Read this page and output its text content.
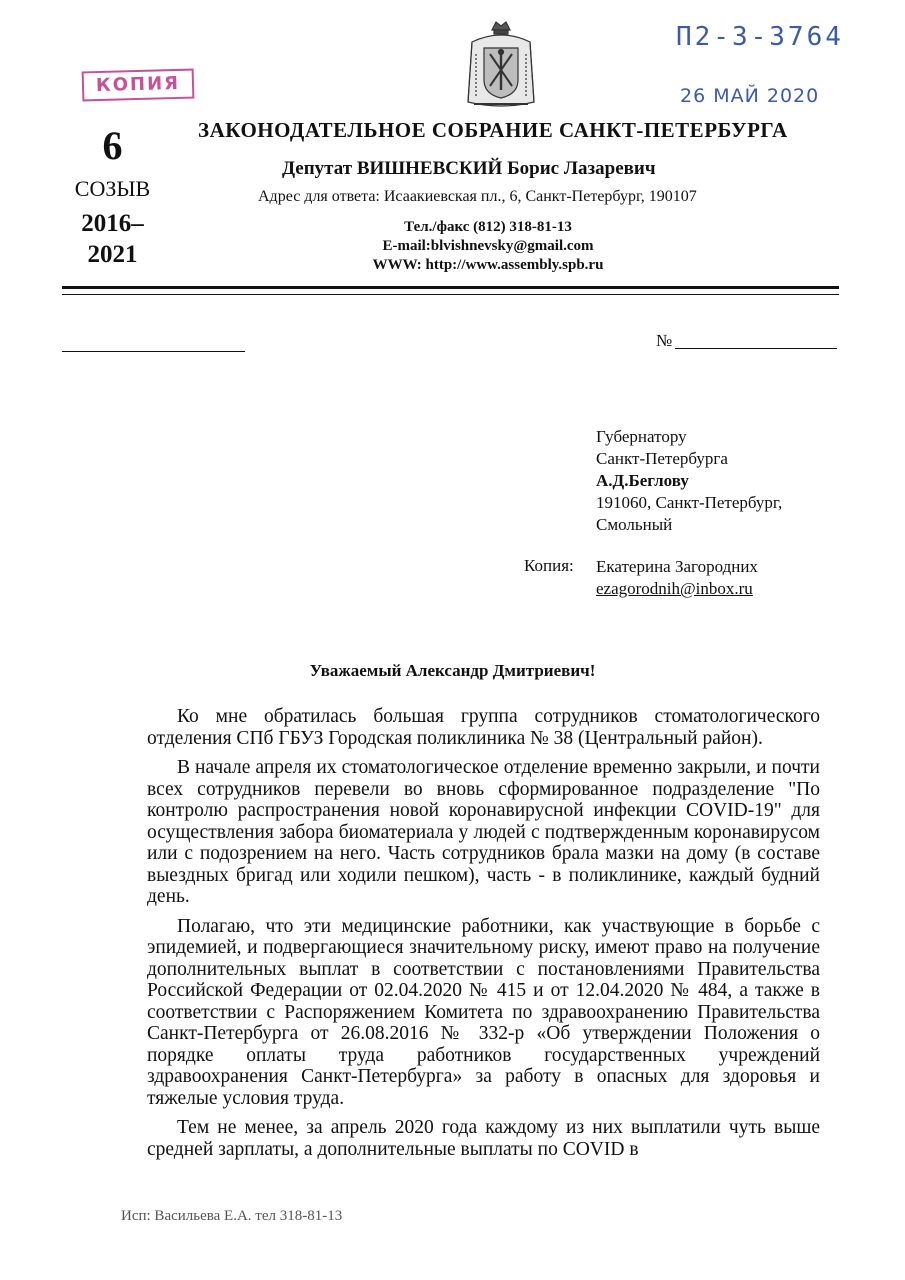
П2-3-3764
26 МАЙ 2020
КОПИЯ
6
СОЗЫВ
2016–
2021
ЗАКОНОДАТЕЛЬНОЕ СОБРАНИЕ САНКТ-ПЕТЕРБУРГА
Депутат ВИШНЕВСКИЙ Борис Лазаревич
Адрес для ответа: Исаакиевская пл., 6, Санкт-Петербург, 190107
Тел./факс (812) 318-81-13
E-mail:blvishnevsky@gmail.com
WWW: http://www.assembly.spb.ru
№
Губернатору
Санкт-Петербурга
А.Д.Беглову
191060, Санкт-Петербург,
Смольный
Копия: Екатерина Загородних
ezagorodnih@inbox.ru
Уважаемый Александр Дмитриевич!

Ко мне обратилась большая группа сотрудников стоматологического отделения СПб ГБУЗ Городская поликлиника № 38 (Центральный район).

В начале апреля их стоматологическое отделение временно закрыли, и почти всех сотрудников перевели во вновь сформированное подразделение "По контролю распространения новой коронавирусной инфекции COVID-19" для осуществления забора биоматериала у людей с подтвержденным коронавирусом или с подозрением на него. Часть сотрудников брала мазки на дому (в составе выездных бригад или ходили пешком), часть - в поликлинике, каждый будний день.

Полагаю, что эти медицинские работники, как участвующие в борьбе с эпидемией, и подвергающиеся значительному риску, имеют право на получение дополнительных выплат в соответствии с постановлениями Правительства Российской Федерации от 02.04.2020 № 415 и от 12.04.2020 № 484, а также в соответствии с Распоряжением Комитета по здравоохранению Правительства Санкт-Петербурга от 26.08.2016 № 332-р «Об утверждении Положения о порядке оплаты труда работников государственных учреждений здравоохранения Санкт-Петербурга» за работу в опасных для здоровья и тяжелые условия труда.

Тем не менее, за апрель 2020 года каждому из них выплатили чуть выше средней зарплаты, а дополнительные выплаты по COVID в

Исп: Васильева Е.А. тел 318-81-13
